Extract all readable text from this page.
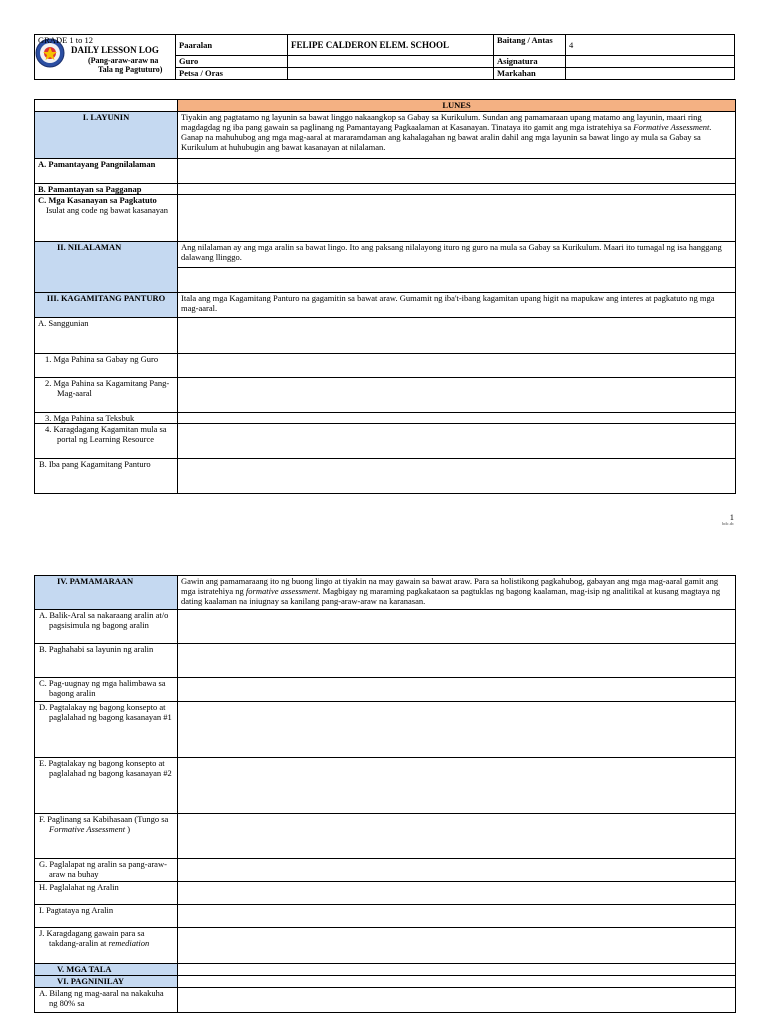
GRADE 1 to 12
DAILY LESSON LOG
(Pang-araw-araw na
Tala ng Pagtuturo)	Paaralan	FELIPE CALDERON ELEM. SCHOOL	Baitang / Antas	4
	Guro		Asignatura	
	Petsa / Oras		Markahan	
	LUNES
I. LAYUNIN	Tiyakin ang pagtatamo ng layunin sa bawat linggo nakaangkop sa Gabay sa Kurikulum. Sundan ang pamamaraan upang matamo ang layunin, maari ring magdagdag ng iba pang gawain sa paglinang ng Pamantayang Pagkaalaman at Kasanayan. Tinataya ito gamit ang mga istratehiya sa Formative Assessment. Ganap na mahuhubog ang mga mag-aaral at mararamdaman ang kahalagahan ng bawat aralin dahil ang mga layunin sa bawat lingo ay mula sa Gabay sa Kurikulum at huhubugin ang bawat kasanayan at nilalaman.
A. Pamantayang Pangnilalaman	
B. Pamantayan sa Pagganap	

C. Mga Kasanayan sa Pagkatuto
Isulat ang code ng bawat kasanayan	

II. NILALAMAN	Ang nilalaman ay ang mga aralin sa bawat lingo. Ito ang paksang nilalayong ituro ng guro na mula sa Gabay sa Kurikulum. Maari ito tumagal ng isa hanggang dalawang llinggo.

III. KAGAMITANG PANTURO	Itala ang mga Kagamitang Panturo na gagamitin sa bawat araw. Gumamit ng iba't-ibang kagamitan upang higit na mapukaw ang interes at pagkatuto ng mga mag-aaral.
A. Sanggunian	
1. Mga Pahina sa Gabay ng Guro	
2. Mga Pahina sa Kagamitang Pang-Mag-aaral	
3. Mga Pahina sa Teksbuk	
4. Karagdagang Kagamitan mula sa portal ng Learning Resource	
B. Iba pang Kagamitang Panturo	
1
bdc.dc
IV. PAMAMARAAN	Gawin ang pamamaraang ito ng buong lingo at tiyakin na may gawain sa bawat araw. Para sa holistikong pagkahubog, gabayan ang mga mag-aaral gamit ang mga istratehiya ng formative assessment. Magbigay ng maraming pagkakataon sa pagtuklas ng bagong kaalaman, mag-isip ng analitikal at kusang magtaya ng dating kaalaman na iniugnay sa kanilang pang-araw-araw na karanasan.
A. Balik-Aral sa nakaraang aralin at/o pagsisimula ng bagong aralin	
B. Paghahabi sa layunin ng aralin	
C. Pag-uugnay ng mga halimbawa sa bagong aralin	
D. Pagtalakay ng bagong konsepto at paglalahad ng bagong kasanayan #1	
E. Pagtalakay ng bagong konsepto at paglalahad ng bagong kasanayan #2	
F. Paglinang sa Kabihasaan (Tungo sa Formative Assessment )	
G. Paglalapat ng aralin sa pang-araw-araw na buhay	
H. Paglalahat ng Aralin	
I. Pagtataya ng Aralin	
J. Karagdagang gawain para sa takdang-aralin at remediation	
V. MGA TALA	
VI. PAGNINILAY	
A. Bilang ng mag-aaral na nakakuha ng 80% sa	
